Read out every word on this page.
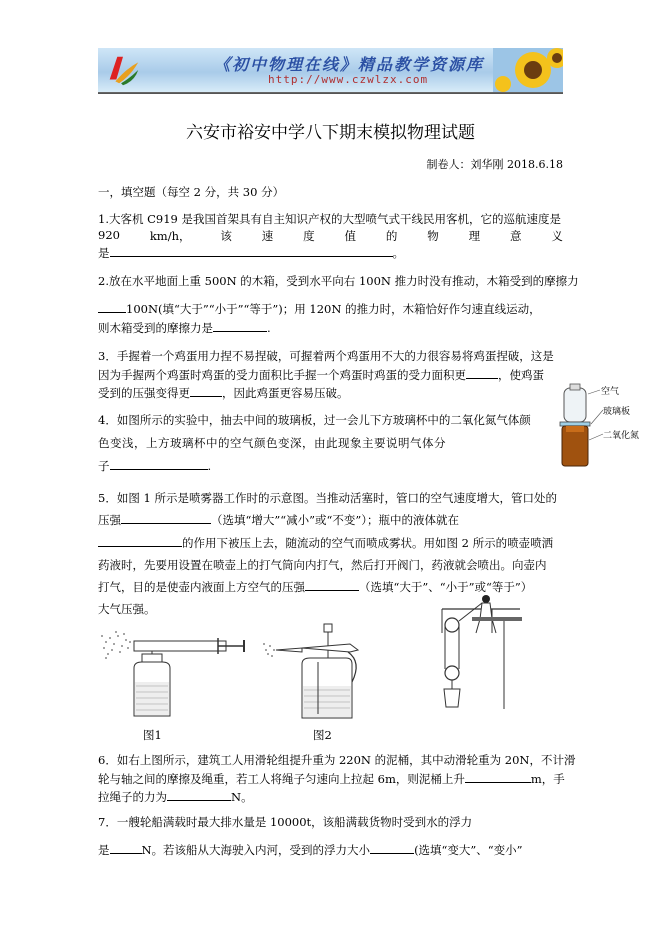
《初中物理在线》精品教学资源库
http://www.czwlzx.com
六安市裕安中学八下期末模拟物理试题
制卷人：刘华刚 2018.6.18
一，填空题（每空 2 分，共 30 分）
1.大客机 C919 是我国首架具有自主知识产权的大型喷气式干线民用客机，它的巡航速度是
920	km/h，	该	速	度	值	的	物	理	意	义
是	。
2.放在水平地面上重 500N 的木箱，受到水平向右 100N 推力时没有推动，木箱受到的摩擦力
100N(填“大于”“小于”“等于”)；用 120N 的推力时，木箱恰好作匀速直线运动，
则木箱受到的摩擦力是	.
3．手握着一个鸡蛋用力捏不易捏破，可握着两个鸡蛋用不大的力很容易将鸡蛋捏破，这是
因为手握两个鸡蛋时鸡蛋的受力面积比手握一个鸡蛋时鸡蛋的受力面积更	，使鸡蛋
受到的压强变得更	，因此鸡蛋更容易压破。
4．如图所示的实验中，抽去中间的玻璃板，过一会儿下方玻璃杯中的二氧化氮气体颜
色变浅，上方玻璃杯中的空气颜色变深，由此现象主要说明气体分
子	.
空气
玻璃板
二氧化氮
5．如图 1 所示是喷雾器工作时的示意图。当推动活塞时，管口的空气速度增大，管口处的
压强	（选填“增大”“减小”或“不变”）；瓶中的液体就在
的作用下被压上去，随流动的空气而喷成雾状。用如图 2 所示的喷壶喷洒
药液时，先要用设置在喷壶上的打气筒向内打气，然后打开阀门，药液就会喷出。向壶内
打气，目的是使壶内液面上方空气的压强	（选填“大于”、“小于”或“等于”）
大气压强。
图1	图2
6．如右上图所示，建筑工人用滑轮组提升重为 220N 的泥桶，其中动滑轮重为 20N，不计滑
轮与轴之间的摩擦及绳重，若工人将绳子匀速向上拉起 6m，则泥桶上升	m，手
拉绳子的力为	N。
7．一艘轮船满载时最大排水量是 10000t，该船满载货物时受到水的浮力
是	N。若该船从大海驶入内河，受到的浮力大小	(选填“变大”、“变小”
